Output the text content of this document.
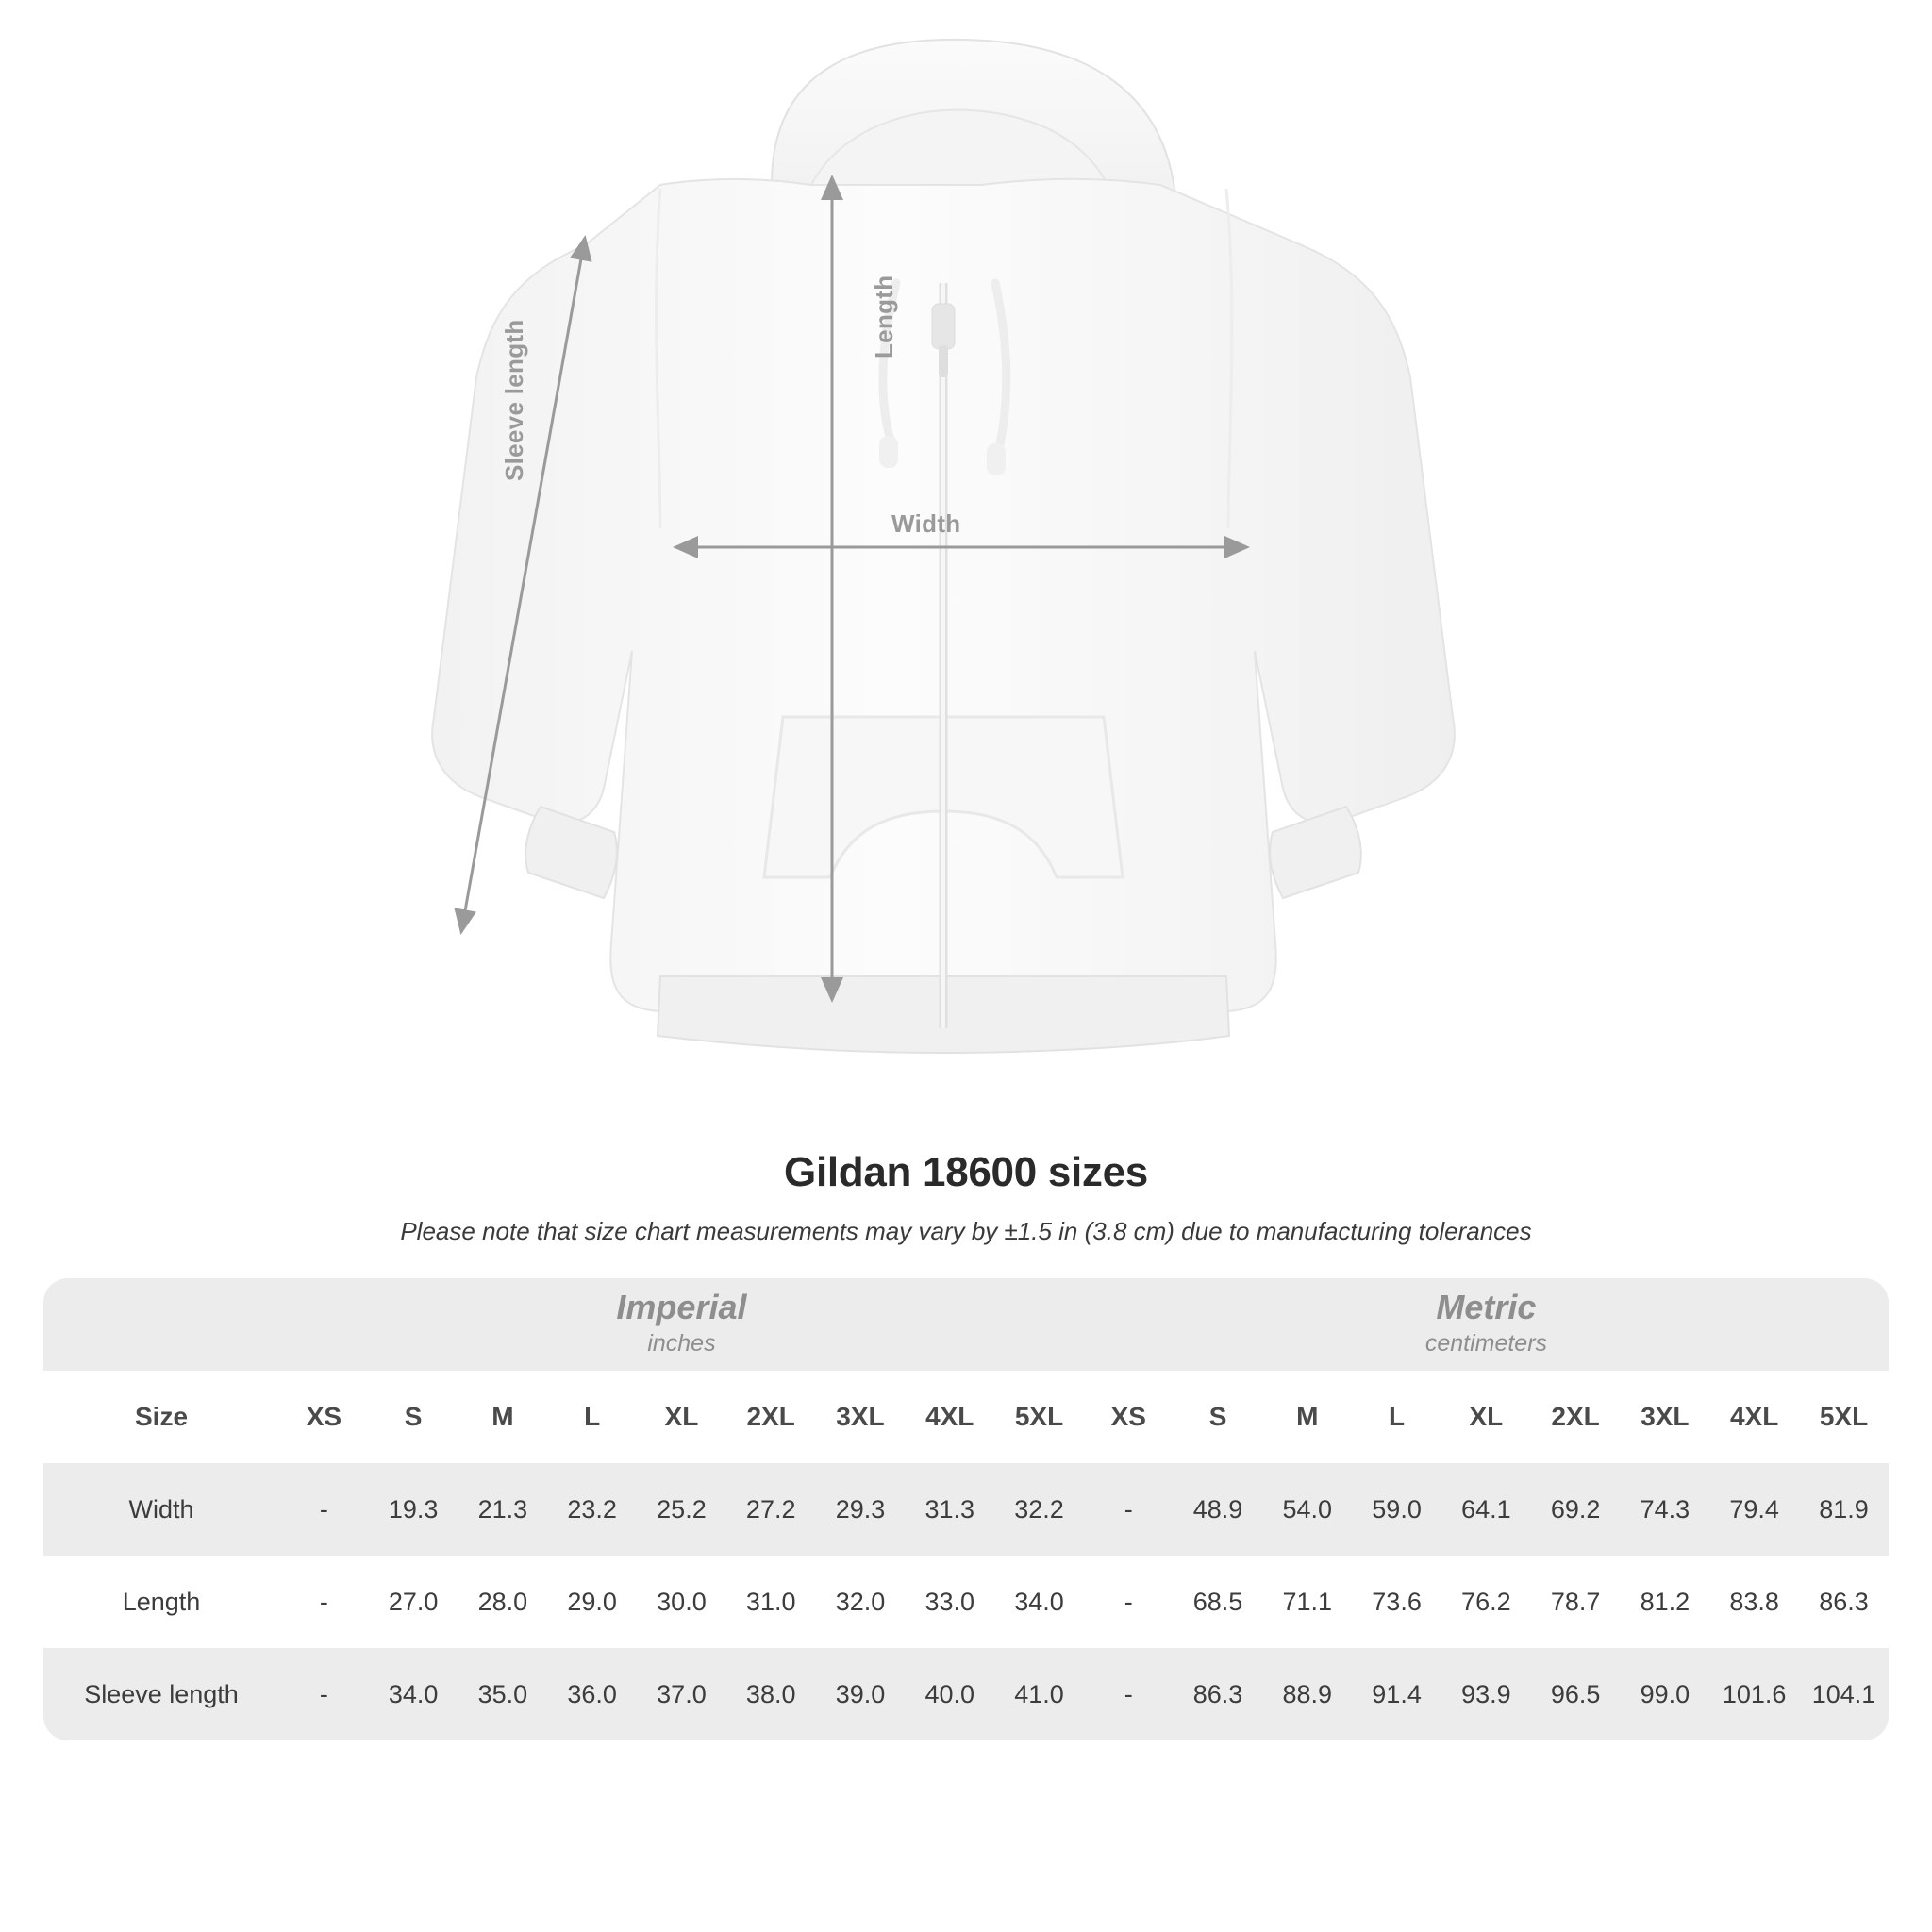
Length
Width
Sleeve length
Gildan 18600 sizes

Please note that size chart measurements may vary by ±1.5 in (3.8 cm) due to manufacturing tolerances

Imperial
inches

Metric
centimeters

Size	XS	S	M	L	XL	2XL	3XL	4XL	5XL	XS	S	M	L	XL	2XL	3XL	4XL	5XL
Width	-	19.3	21.3	23.2	25.2	27.2	29.3	31.3	32.2	-	48.9	54.0	59.0	64.1	69.2	74.3	79.4	81.9
Length	-	27.0	28.0	29.0	30.0	31.0	32.0	33.0	34.0	-	68.5	71.1	73.6	76.2	78.7	81.2	83.8	86.3
Sleeve length	-	34.0	35.0	36.0	37.0	38.0	39.0	40.0	41.0	-	86.3	88.9	91.4	93.9	96.5	99.0	101.6	104.1
